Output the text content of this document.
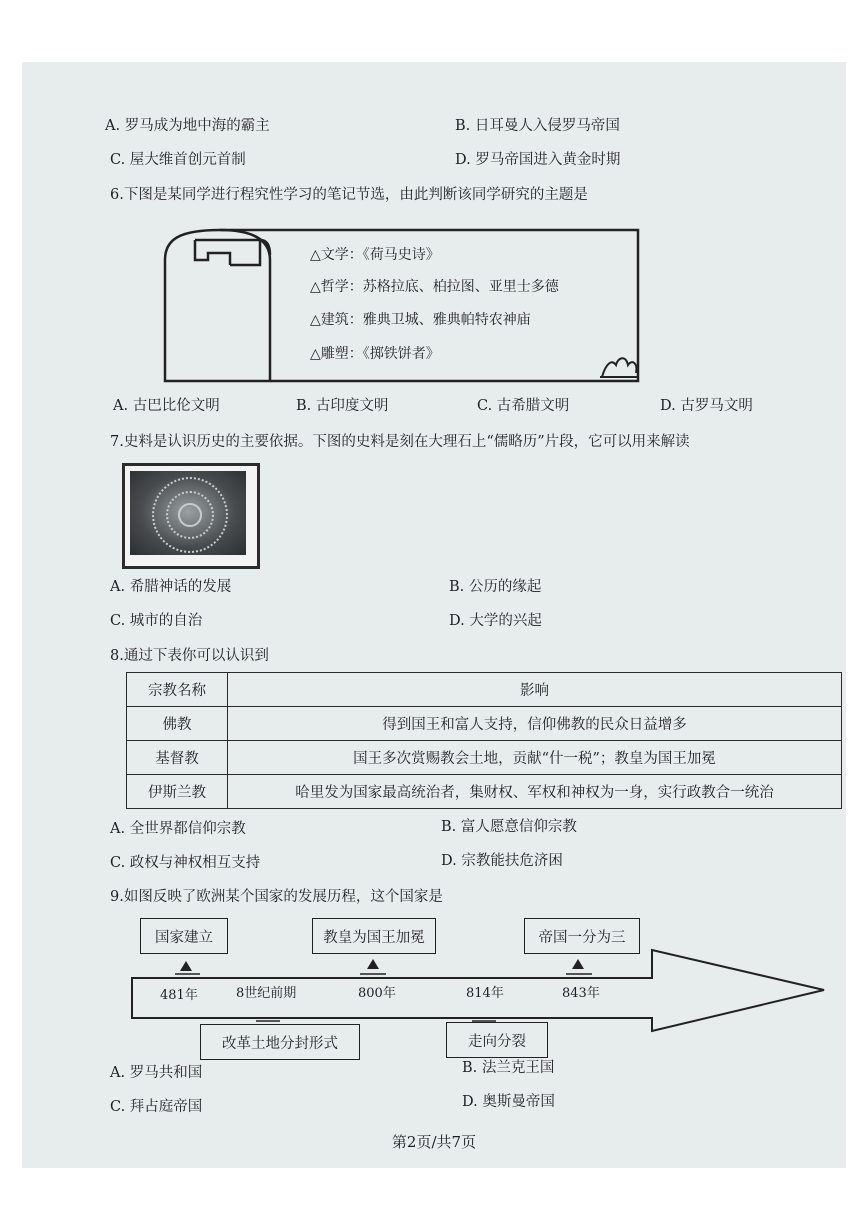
A. 罗马成为地中海的霸主	B. 日耳曼人入侵罗马帝国
C. 屋大维首创元首制	D. 罗马帝国进入黄金时期
6.下图是某同学进行程究性学习的笔记节选，由此判断该同学研究的主题是
△文学：《荷马史诗》
△哲学：苏格拉底、柏拉图、亚里士多德
△建筑：雅典卫城、雅典帕特农神庙
△雕塑：《掷铁饼者》
A. 古巴比伦文明	B. 古印度文明	C. 古希腊文明	D. 古罗马文明
7.史料是认识历史的主要依据。下图的史料是刻在大理石上“儒略历”片段，它可以用来解读
A. 希腊神话的发展	B. 公历的缘起
C. 城市的自治	D. 大学的兴起
8.通过下表你可以认识到
宗教名称	影响
佛教	得到国王和富人支持，信仰佛教的民众日益增多
基督教	国王多次赏赐教会土地，贡献“什一税”；教皇为国王加冕
伊斯兰教	哈里发为国家最高统治者，集财权、军权和神权为一身，实行政教合一统治
A. 全世界都信仰宗教	B. 富人愿意信仰宗教
C. 政权与神权相互支持	D. 宗教能扶危济困
9.如图反映了欧洲某个国家的发展历程，这个国家是
国家建立	教皇为国王加冕	帝国一分为三
481年	8世纪前期	800年	814年	843年
改革土地分封形式	走向分裂
A. 罗马共和国	B. 法兰克王国
C. 拜占庭帝国	D. 奥斯曼帝国
第2页/共7页
